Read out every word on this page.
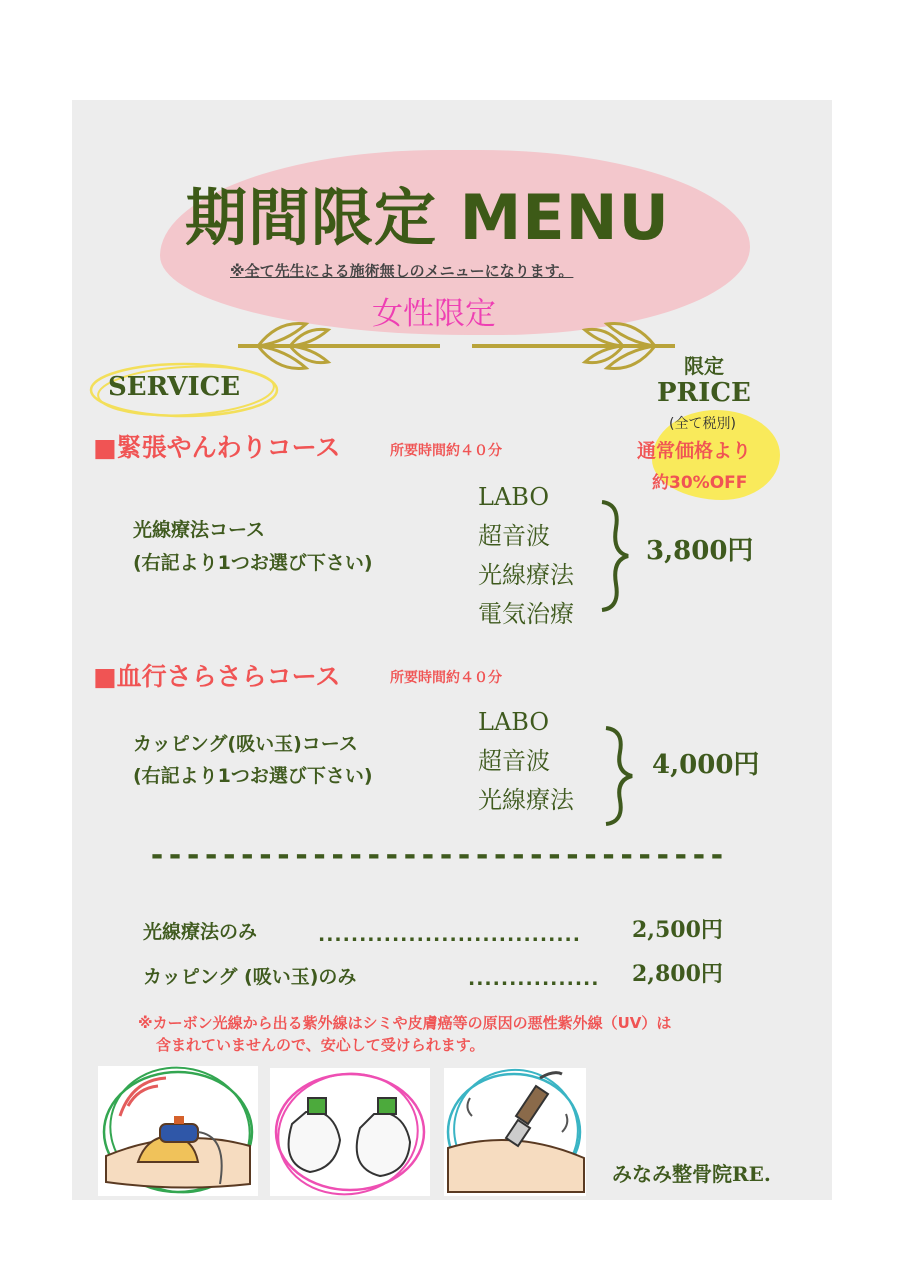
期間限定 MENU
※全て先生による施術無しのメニューになります。
女性限定
SERVICE
限定
PRICE
(全て税別)
通常価格より
約30%OFF
■緊張やんわりコース	所要時間約４０分
光線療法コース
(右記より1つお選び下さい)
LABO
超音波
光線療法
電気治療
3,800円
■血行さらさらコース	所要時間約４０分
カッピング(吸い玉)コース
(右記より1つお選び下さい)
LABO
超音波
光線療法
4,000円
--------------------------------
光線療法のみ	................................ 2,500円
カッピング (吸い玉)のみ	................ 2,800円
※カーボン光線から出る紫外線はシミや皮膚癌等の原因の悪性紫外線（UV）は
含まれていませんので、安心して受けられます。
みなみ整骨院RE.
